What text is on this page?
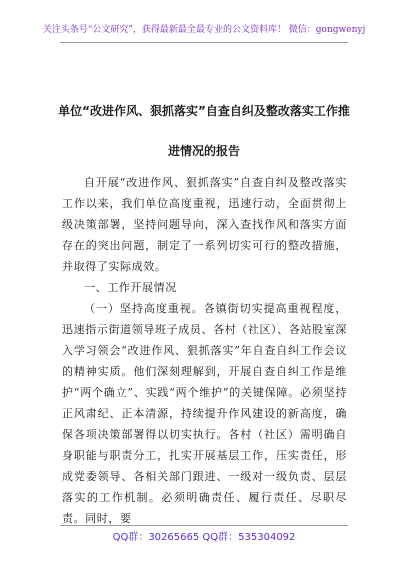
关注头条号“公文研究”，获得最新最全最专业的公文资料库！ 微信：gongwenyj
单位“改进作风、狠抓落实”自查自纠及整改落实工作推
进情况的报告

自开展“改进作风、狠抓落实”自查自纠及整改落实工作以来，我们单位高度重视，迅速行动，全面贯彻上级决策部署，坚持问题导向，深入查找作风和落实方面存在的突出问题，制定了一系列切实可行的整改措施，并取得了实际成效。

一、工作开展情况

（一）坚持高度重视。各镇街切实提高重视程度，迅速指示街道领导班子成员、各村（社区）、各站股室深入学习领会“改进作风、狠抓落实”年自查自纠工作会议的精神实质。他们深刻理解到，开展自查自纠工作是维护“两个确立”、实践“两个维护”的关键保障。必须坚持正风肃纪、正本清源，持续提升作风建设的新高度，确保各项决策部署得以切实执行。各村（社区）需明确自身职能与职责分工，扎实开展基层工作，压实责任，形成党委领导、各相关部门跟进、一级对一级负责、层层落实的工作机制。必须明确责任、履行责任、尽职尽责。同时，要

QQ群：30265665 QQ群：535304092
